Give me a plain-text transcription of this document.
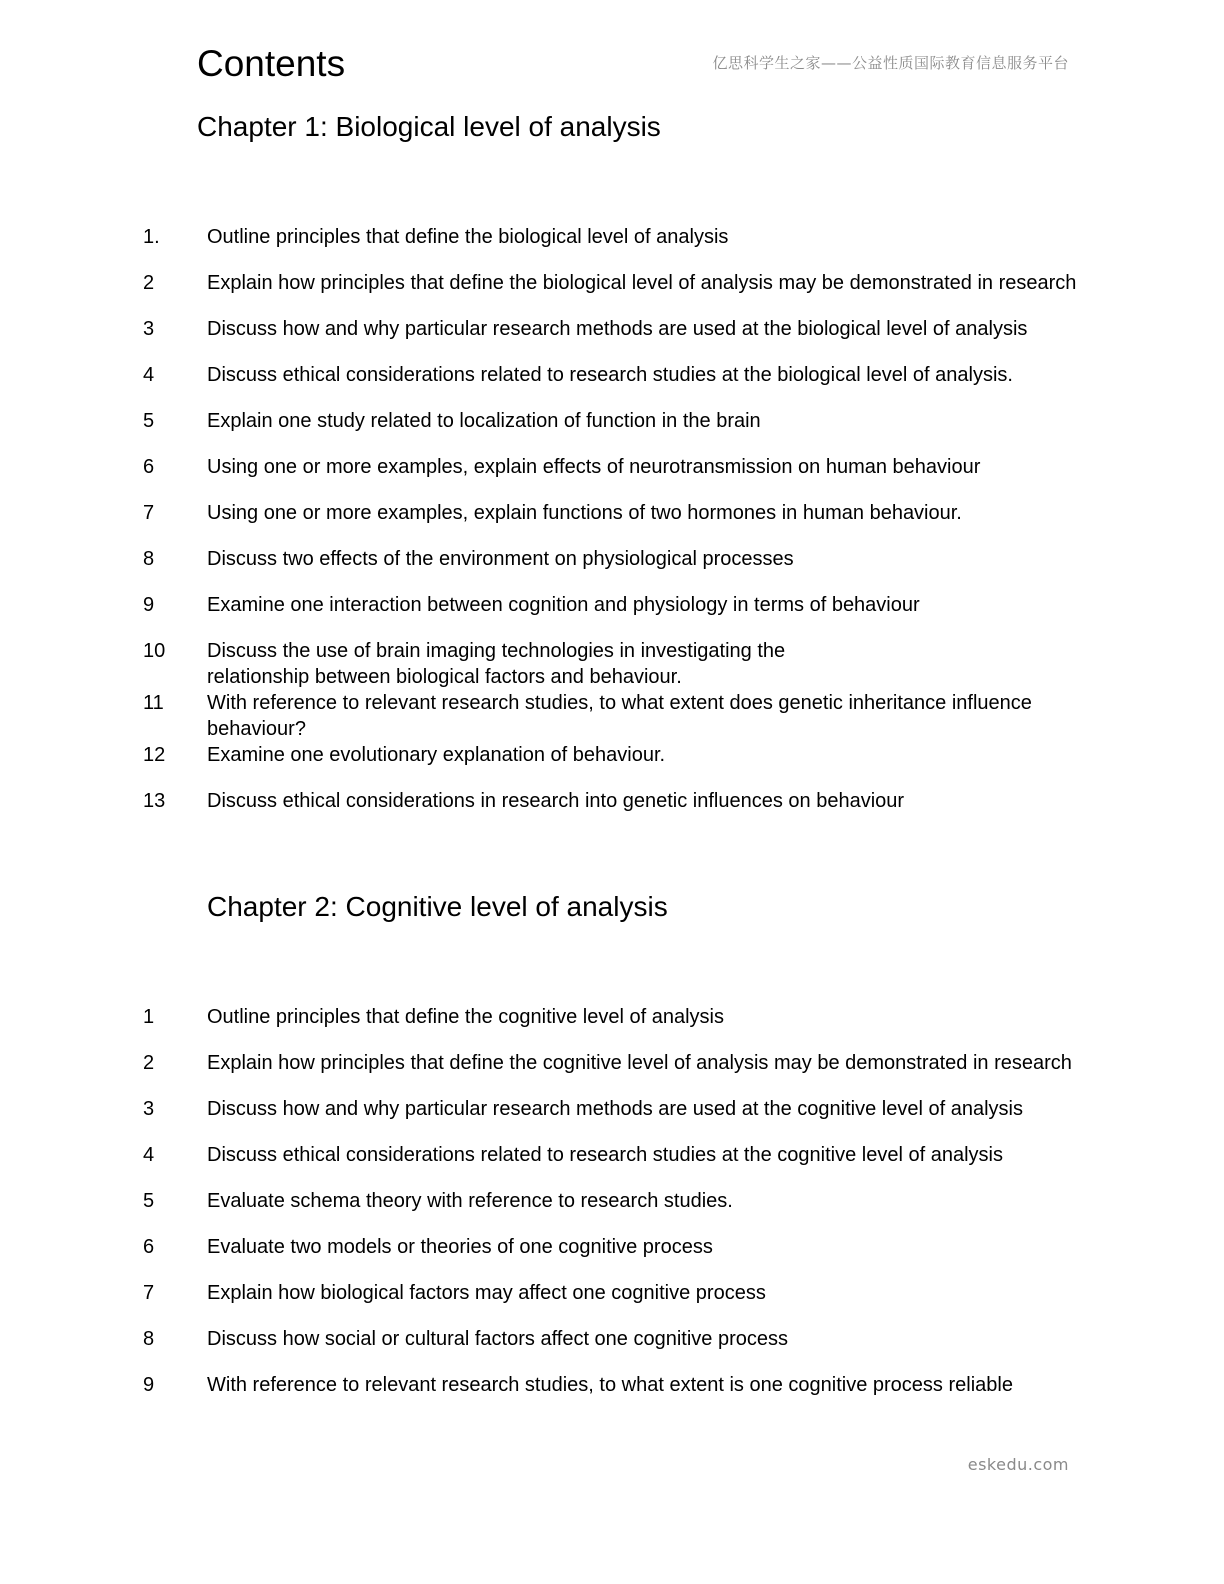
Contents	亿思科学生之家——公益性质国际教育信息服务平台
Chapter 1: Biological level of analysis
1. Outline principles that define the biological level of analysis
2	Explain how principles that define the biological level of analysis may be demonstrated in research
3	Discuss how and why particular research methods are used at the biological level of analysis
4	Discuss ethical considerations related to research studies at the biological level of analysis.
5	Explain one study related to localization of function in the brain
6	Using one or more examples, explain effects of neurotransmission on human behaviour
7	Using one or more examples, explain functions of two hormones in human behaviour.
8	Discuss two effects of the environment on physiological processes
9	Examine one interaction between cognition and physiology in terms of behaviour
10 Discuss the use of brain imaging technologies in investigating the
relationship between biological factors and behaviour.
11 With reference to relevant research studies, to what extent does genetic inheritance influence
behaviour?
12 Examine one evolutionary explanation of behaviour.
13 Discuss ethical considerations in research into genetic influences on behaviour
Chapter 2: Cognitive level of analysis
1	Outline principles that define the cognitive level of analysis
2	Explain how principles that define the cognitive level of analysis may be demonstrated in research
3	Discuss how and why particular research methods are used at the cognitive level of analysis
4	Discuss ethical considerations related to research studies at the cognitive level of analysis
5	Evaluate schema theory with reference to research studies.
6	Evaluate two models or theories of one cognitive process
7	Explain how biological factors may affect one cognitive process
8	Discuss how social or cultural factors affect one cognitive process
9	With reference to relevant research studies, to what extent is one cognitive process reliable
eskedu.com
